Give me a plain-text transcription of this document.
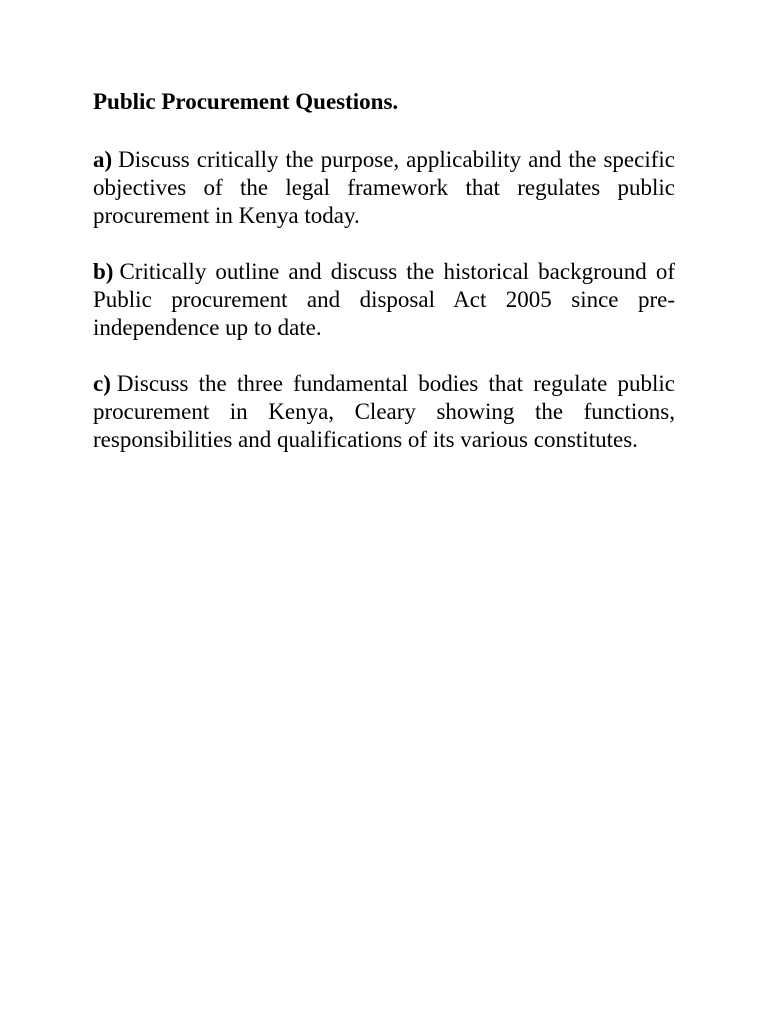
Public Procurement Questions.
a) Discuss critically the purpose, applicability and the specific objectives of the legal framework that regulates public procurement in Kenya today.
b) Critically outline and discuss the historical background of Public procurement and disposal Act 2005 since pre-independence up to date.
c) Discuss the three fundamental bodies that regulate public procurement in Kenya, Cleary showing the functions, responsibilities and qualifications of its various constitutes.
